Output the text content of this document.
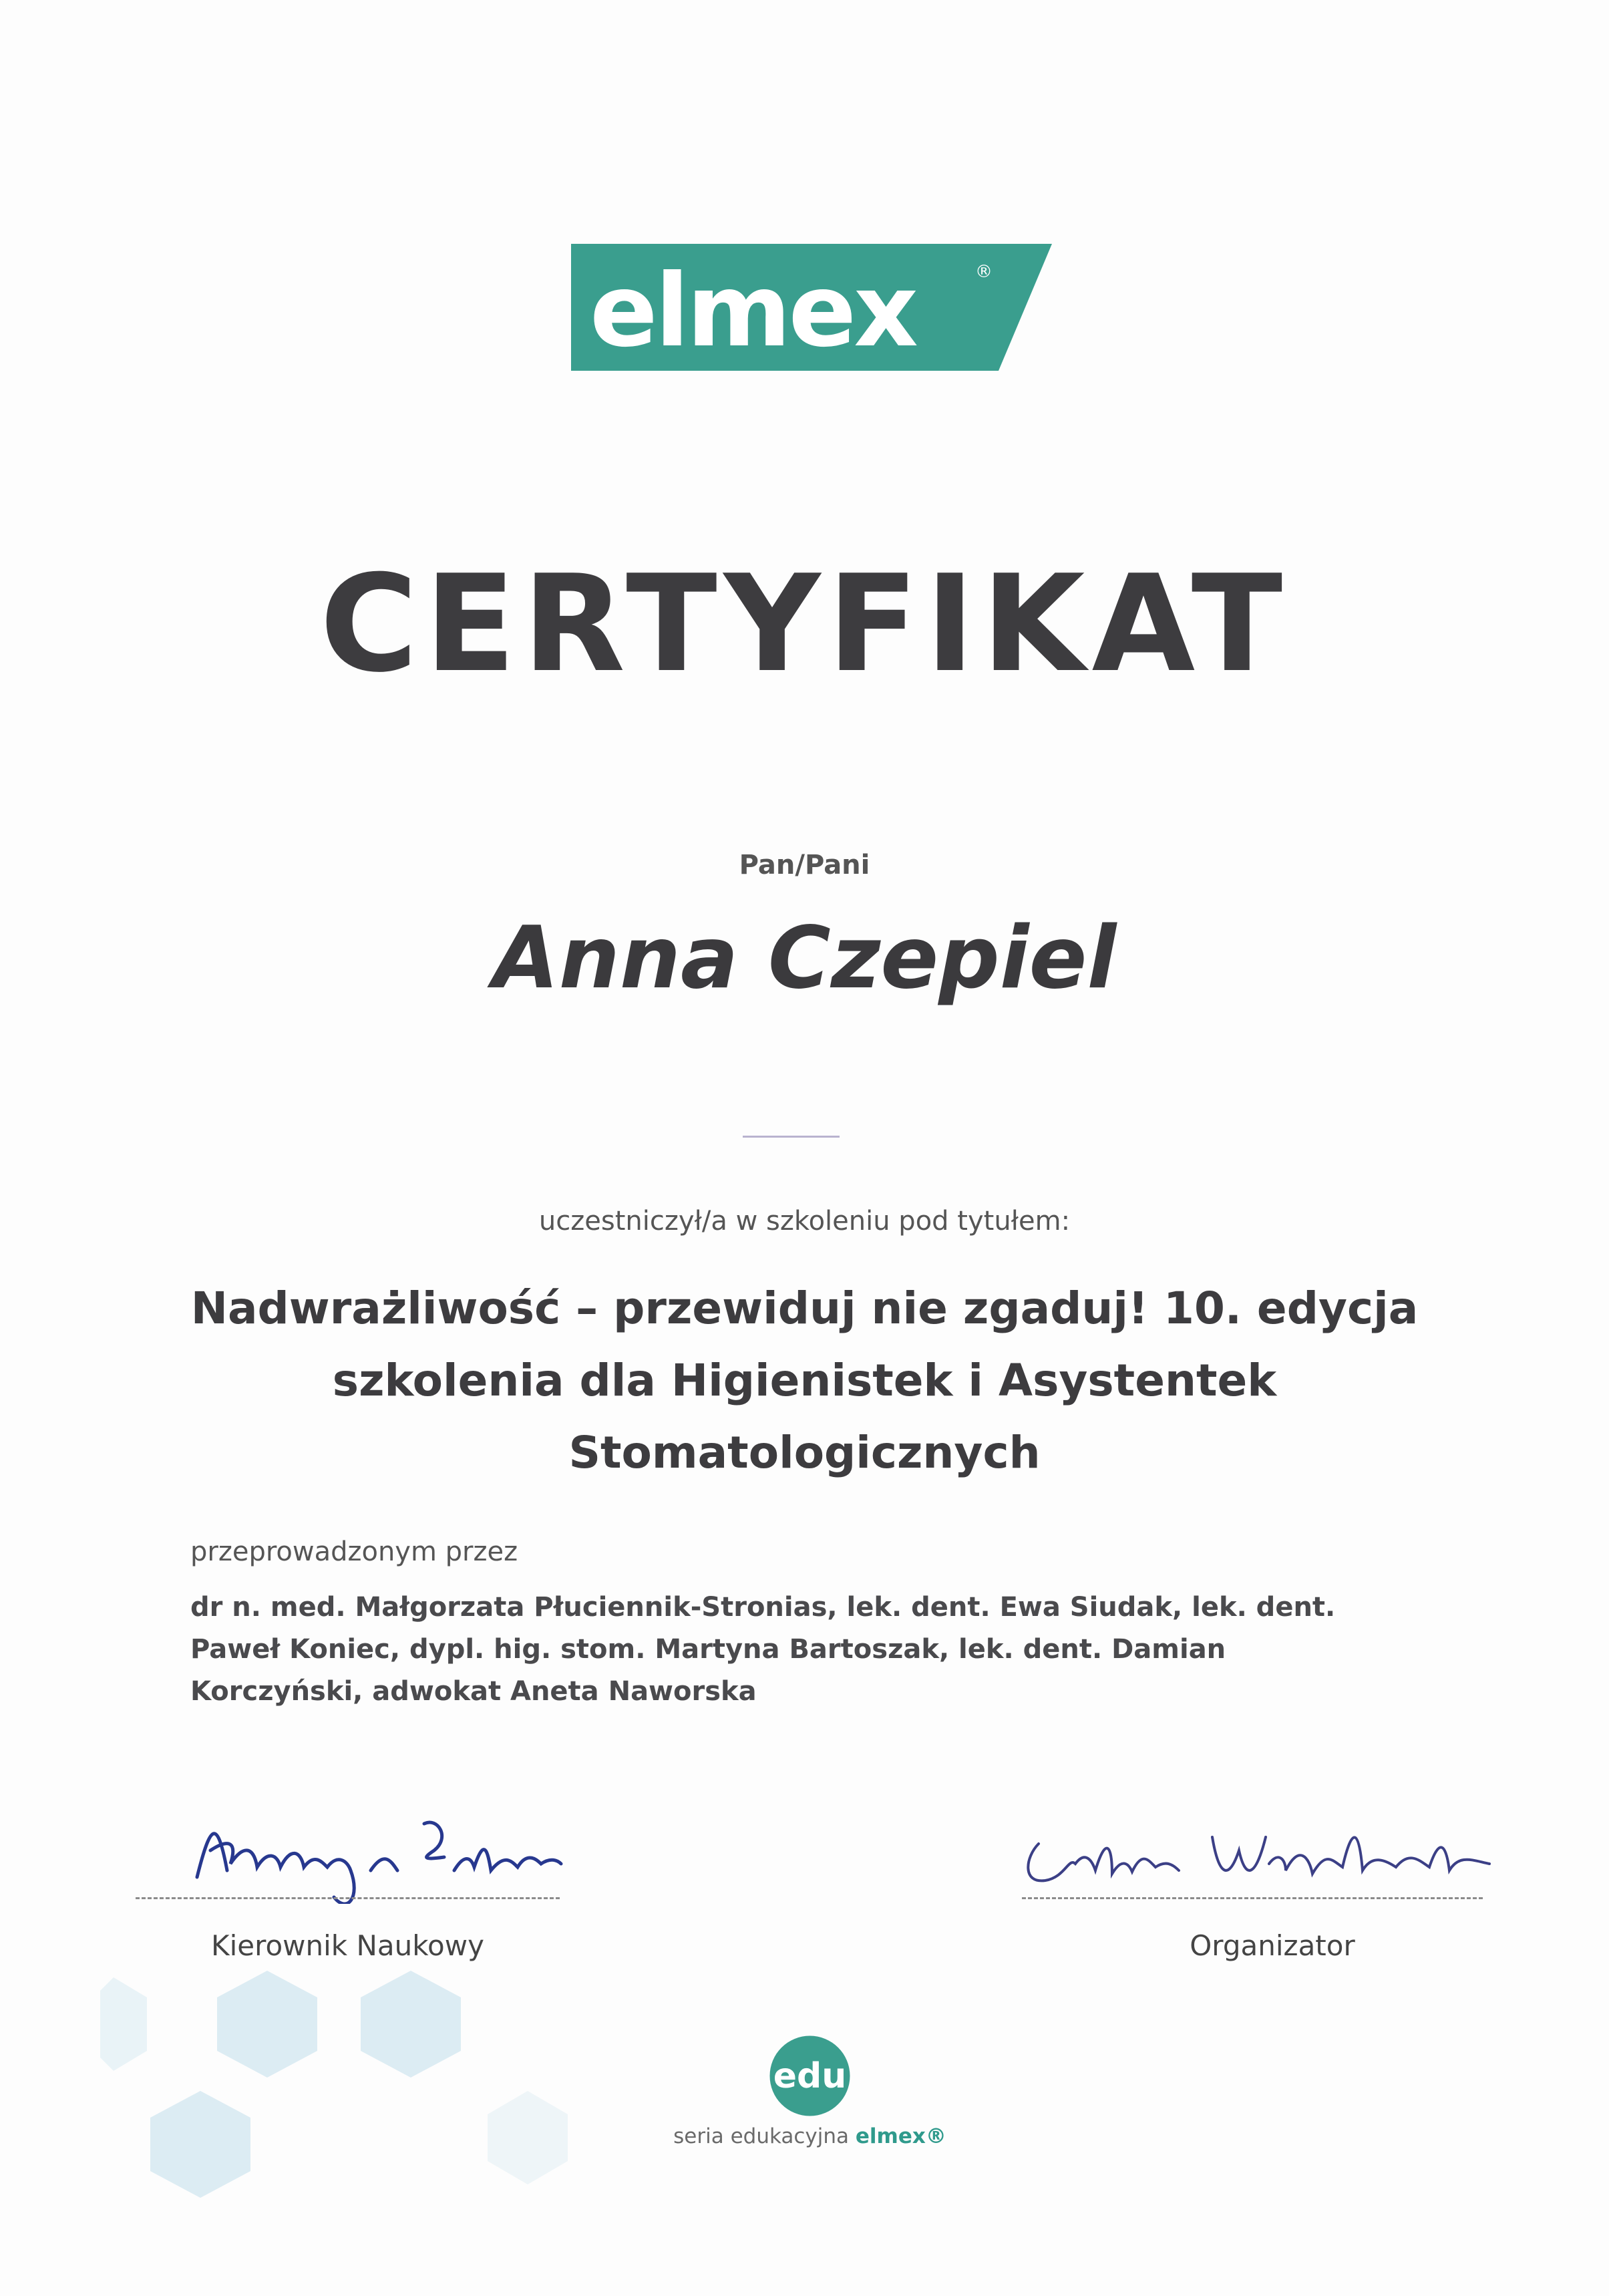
elmex	®
CERTYFIKAT
Pan/Pani
Anna Czepiel
uczestniczył/a w szkoleniu pod tytułem:
Nadwrażliwość – przewiduj nie zgaduj! 10. edycja
szkolenia dla Higienistek i Asystentek
Stomatologicznych
przeprowadzonym przez
dr n. med. Małgorzata Płuciennik-Stronias, lek. dent. Ewa Siudak, lek. dent.
Paweł Koniec, dypl. hig. stom. Martyna Bartoszak, lek. dent. Damian
Korczyński, adwokat Aneta Naworska
Kierownik Naukowy	Organizator
edu
seria edukacyjna elmex®
